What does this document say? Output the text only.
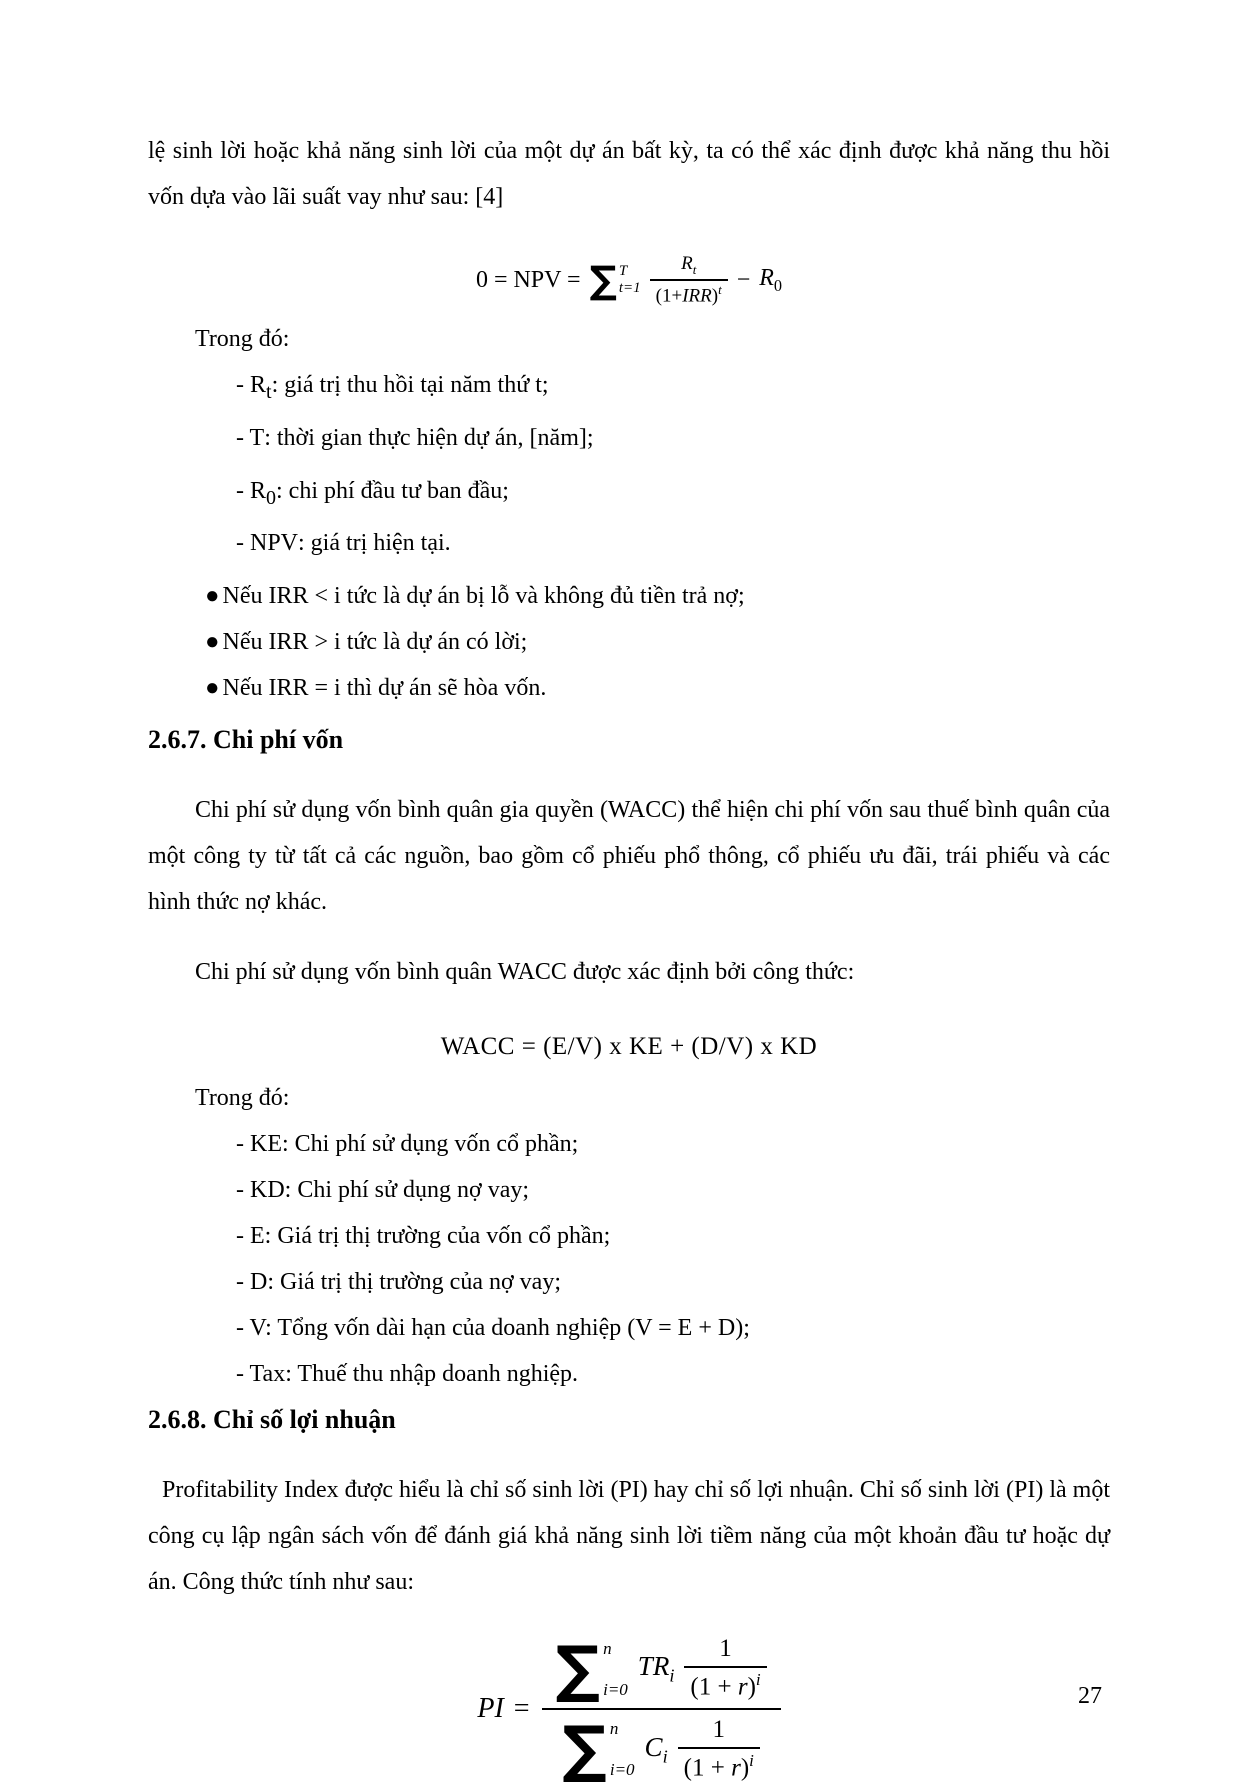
lệ sinh lời hoặc khả năng sinh lời của một dự án bất kỳ, ta có thể xác định được khả năng thu hồi vốn dựa vào lãi suất vay như sau: [4]

0 = NPV = ∑ T
$t=1 \frac{R_t}{(1+IRR)^t} - R_0$
Trong đó:
- $R_t$: giá trị thu hồi tại năm thứ t;
- T: thời gian thực hiện dự án, [năm];
- $R_0$: chi phí đầu tư ban đầu;
- NPV: giá trị hiện tại.
● Nếu IRR < i tức là dự án bị lỗ và không đủ tiền trả nợ;
● Nếu IRR > i tức là dự án có lời;
● Nếu IRR = i thì dự án sẽ hòa vốn.
2.6.7. Chi phí vốn

Chi phí sử dụng vốn bình quân gia quyền (WACC) thể hiện chi phí vốn sau thuế bình quân của một công ty từ tất cả các nguồn, bao gồm cổ phiếu phổ thông, cổ phiếu ưu đãi, trái phiếu và các hình thức nợ khác.

Chi phí sử dụng vốn bình quân WACC được xác định bởi công thức:

WACC = (E/V) x KE + (D/V) x KD
Trong đó:
- KE: Chi phí sử dụng vốn cổ phần;
- KD: Chi phí sử dụng nợ vay;
- E: Giá trị thị trường của vốn cổ phần;
- D: Giá trị thị trường của nợ vay;
- V: Tổng vốn dài hạn của doanh nghiệp (V = E + D);
- Tax: Thuế thu nhập doanh nghiệp.
2.6.8. Chỉ số lợi nhuận

Profitability Index được hiểu là chỉ số sinh lời (PI) hay chỉ số lợi nhuận. Chỉ số sinh lời (PI) là một công cụ lập ngân sách vốn để đánh giá khả năng sinh lời tiềm năng của một khoản đầu tư hoặc dự án. Công thức tính như sau:

PI =
∑ n
i=0
$TR_i \frac{1}{(1 + r)^i}$
∑ n
i=0
$C_i \frac{1}{(1 + r)^i}$
27
